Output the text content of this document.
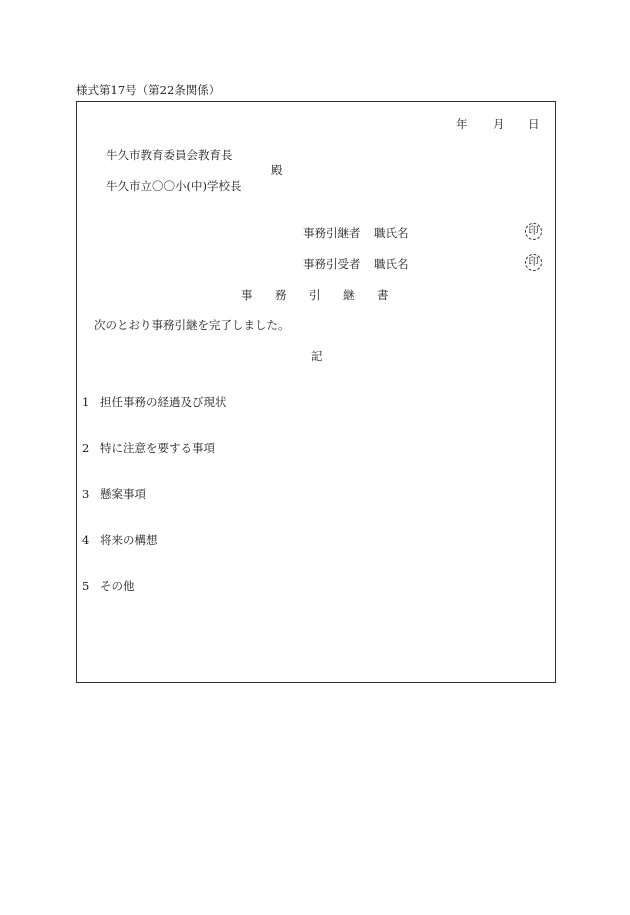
様式第17号（第22条関係）
年 月 日
牛久市教育委員会教育長
殿
牛久市立〇〇小(中)学校長
事務引継者 職氏名	印
事務引受者 職氏名	印
事 務 引 継 書
次のとおり事務引継を完了しました。
記
1 担任事務の経過及び現状
2 特に注意を要する事項
3 懸案事項
4 将来の構想
5 その他
